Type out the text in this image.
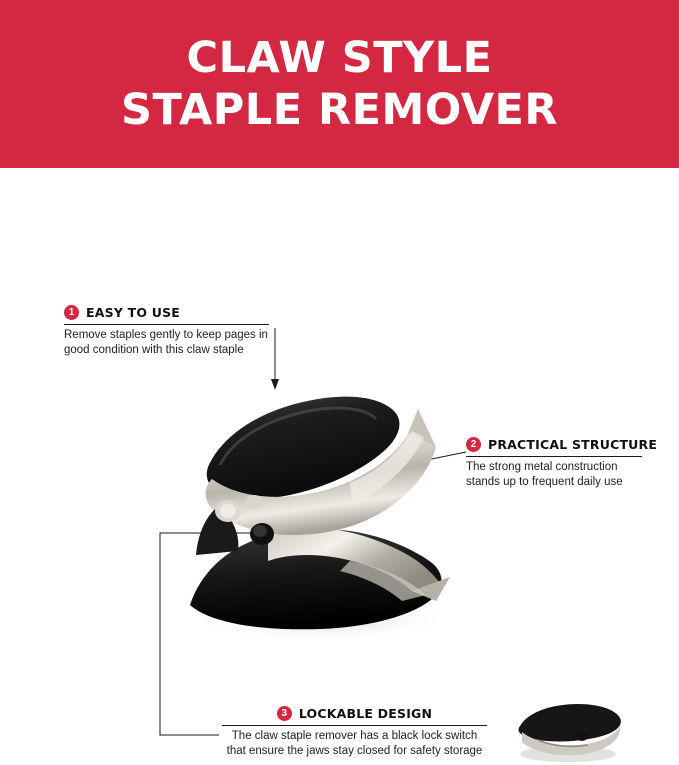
CLAW STYLE
STAPLE REMOVER
1 EASY TO USE
Remove staples gently to keep pages in good condition with this claw staple
2 PRACTICAL STRUCTURE
The strong metal construction stands up to frequent daily use
3 LOCKABLE DESIGN
The claw staple remover has a black lock switch that ensure the jaws stay closed for safety storage
